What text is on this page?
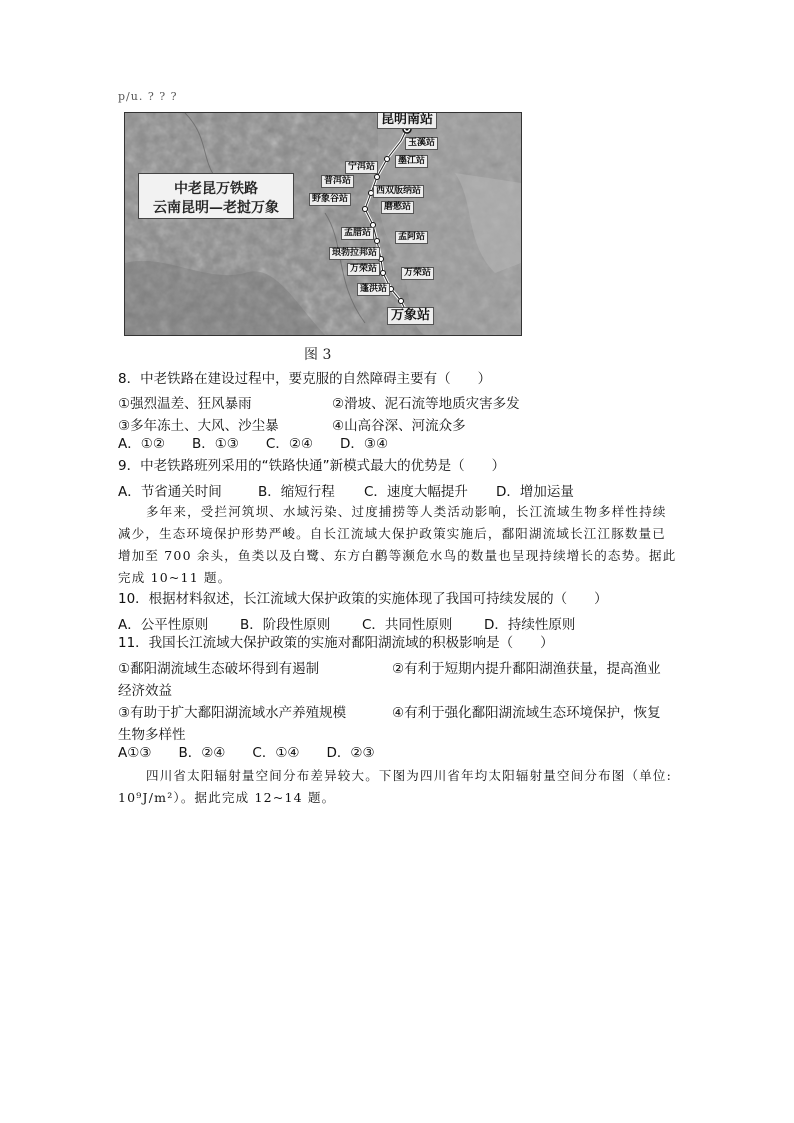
p/u. ? ? ?
中老昆万铁路
云南昆明—老挝万象
昆明南站
玉溪站
墨江站
宁洱站
普洱站
西双版纳站
野象谷站
磨憨站
孟腊站	孟阿站
琅勃拉邦站
万荣站	万荣站
蓬洪站
万象站
图 3
8．中老铁路在建设过程中，要克服的自然障碍主要有（　　）
①强烈温差、狂风暴雨	②滑坡、泥石流等地质灾害多发
③多年冻土、大风、沙尘暴	④山高谷深、河流众多
A．①②　　B．①③　　C．②④　　D．③④
9．中老铁路班列采用的“铁路快通”新模式最大的优势是（　　）
A．节省通关时间	B．缩短行程 C．速度大幅提升 D．增加运量
多年来，受拦河筑坝、水域污染、过度捕捞等人类活动影响，长江流域生物多样性持续
减少，生态环境保护形势严峻。自长江流域大保护政策实施后，鄱阳湖流域长江江豚数量已
增加至 700 余头，鱼类以及白鹭、东方白鹳等濒危水鸟的数量也呈现持续增长的态势。据此
完成 10~11 题。
10．根据材料叙述，长江流域大保护政策的实施体现了我国可持续发展的（　　）
A．公平性原则 B．阶段性原则 C．共同性原则 D．持续性原则
11．我国长江流域大保护政策的实施对鄱阳湖流域的积极影响是（　　）
①鄱阳湖流域生态破坏得到有遏制	②有利于短期内提升鄱阳湖渔获量，提高渔业
经济效益
③有助于扩大鄱阳湖流域水产养殖规模	④有利于强化鄱阳湖流域生态环境保护，恢复
生物多样性
A①③　　B．②④　　C．①④　　D．②③
四川省太阳辐射量空间分布差异较大。下图为四川省年均太阳辐射量空间分布图（单位:
10⁹J/m²）。据此完成 12~14 题。
